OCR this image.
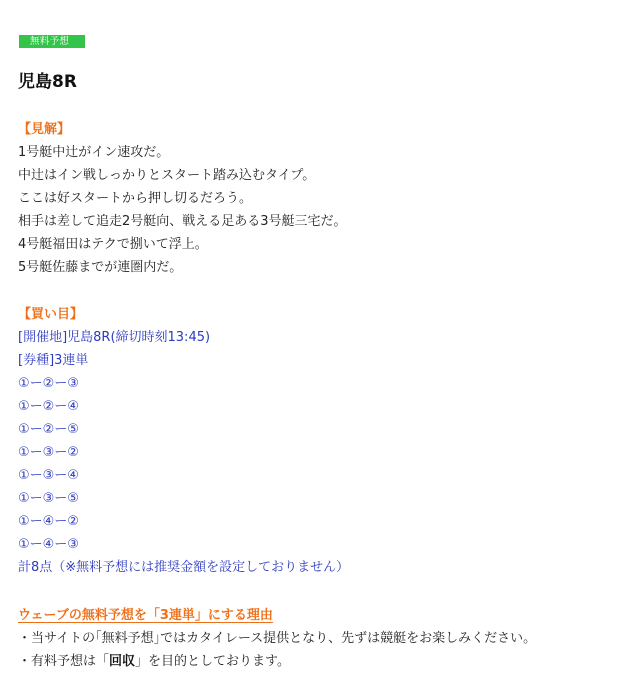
無料予想
児島8R
【見解】
1号艇中辻がイン速攻だ。
中辻はイン戦しっかりとスタート踏み込むタイプ。
ここは好スタートから押し切るだろう。
相手は差して追走2号艇向、戦える足ある3号艇三宅だ。
4号艇福田はテクで捌いて浮上。
5号艇佐藤までが連圏内だ。
【買い目】
[開催地]児島8R(締切時刻13:45)
[券種]3連単
①ー②ー③
①ー②ー④
①ー②ー⑤
①ー③ー②
①ー③ー④
①ー③ー⑤
①ー④ー②
①ー④ー③
計8点（※無料予想には推奨金額を設定しておりません）
ウェーブの無料予想を「3連単」にする理由
・当サイトの｢無料予想｣ではカタイレース提供となり、先ずは競艇をお楽しみください。
・有料予想は「回収」を目的としております。
